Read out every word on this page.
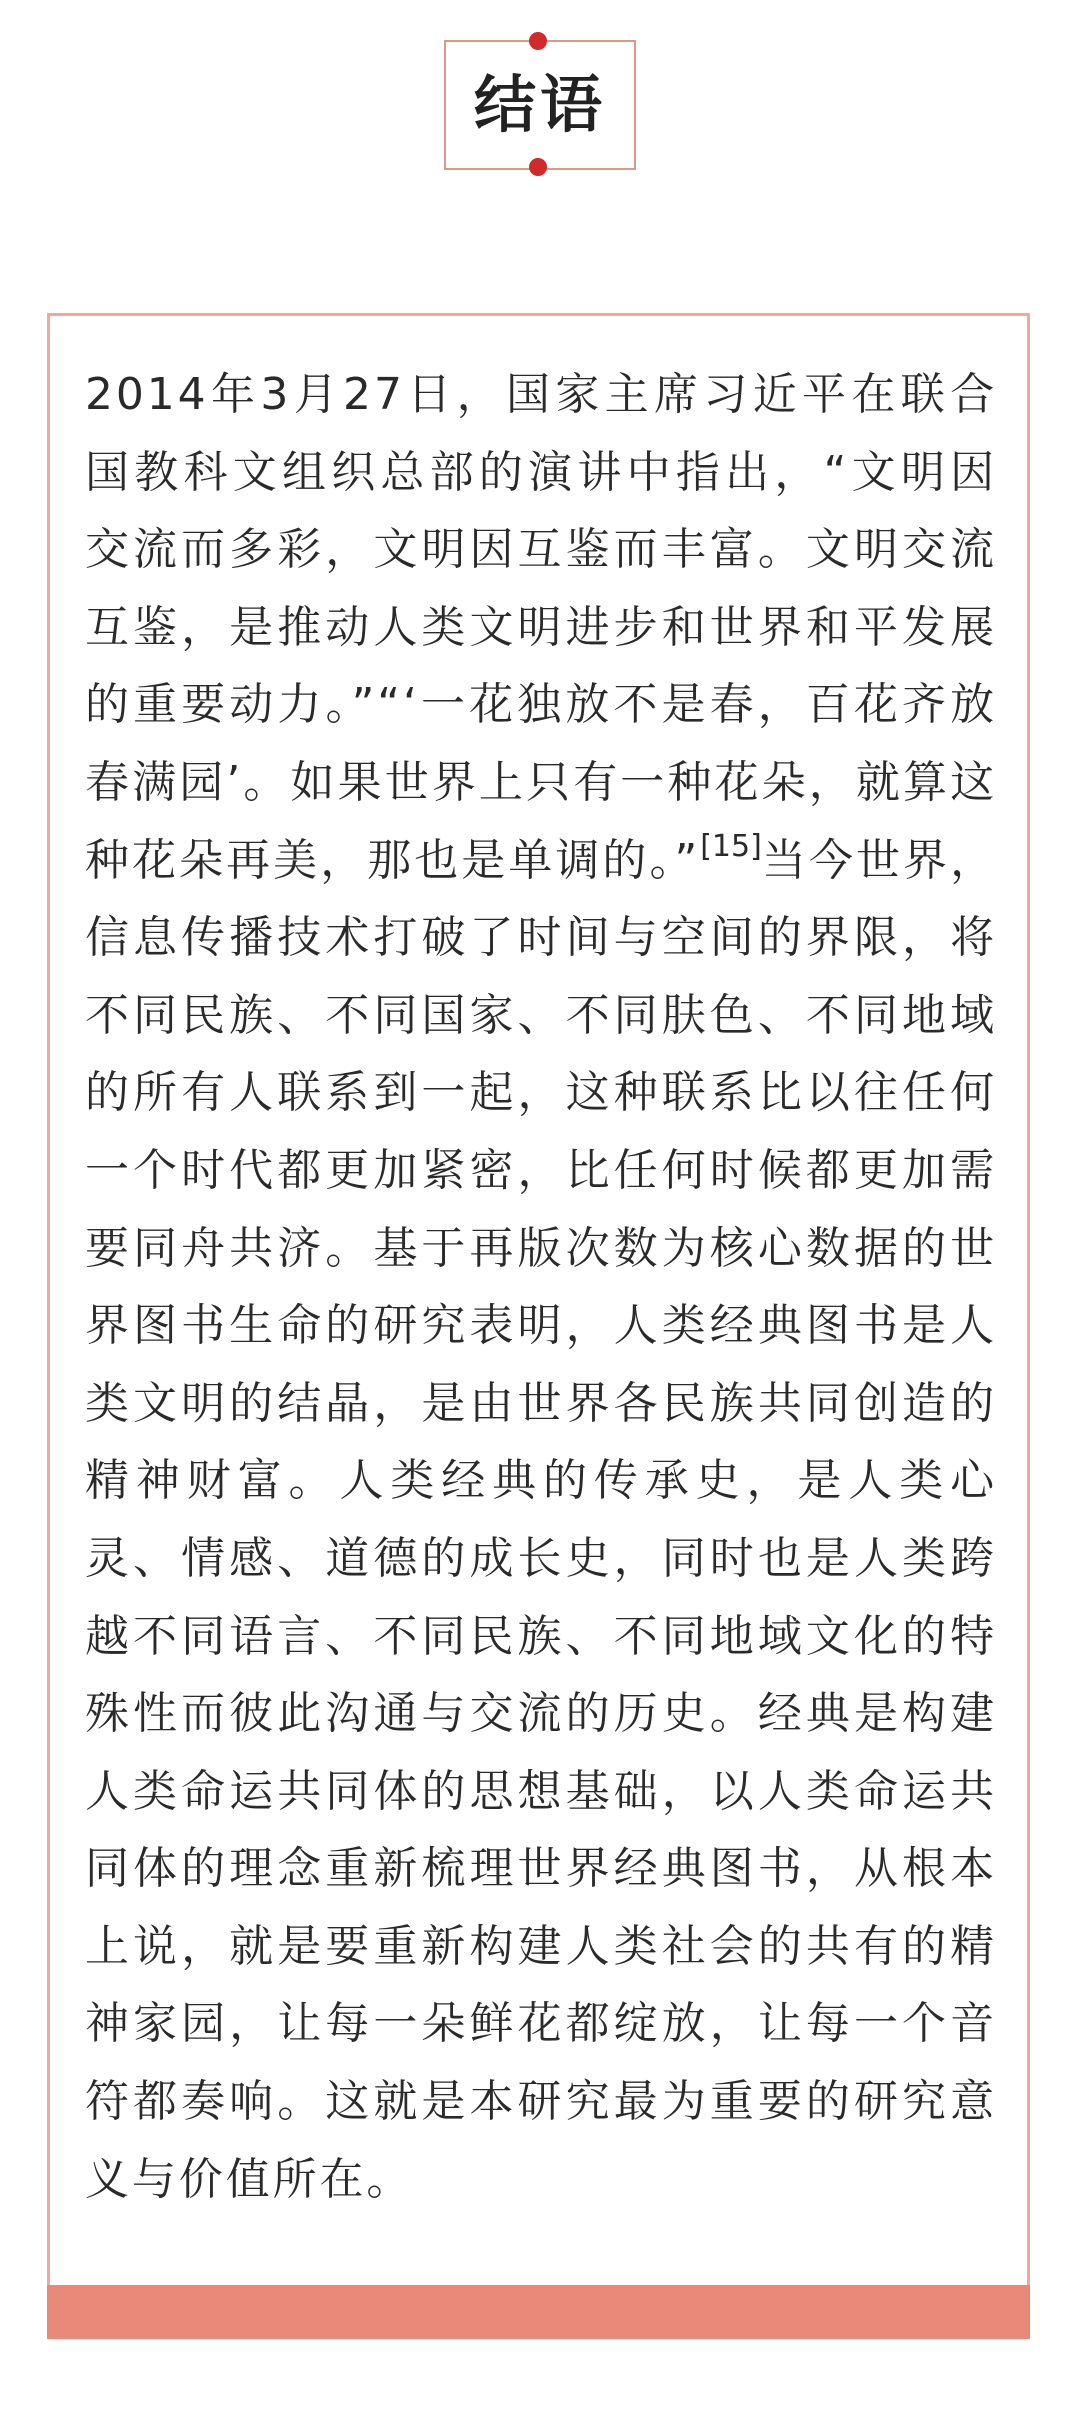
结语

2014年3月27日，国家主席习近平在联合国教科文组织总部的演讲中指出，“文明因交流而多彩，文明因互鉴而丰富。文明交流互鉴，是推动人类文明进步和世界和平发展的重要动力。”“‘一花独放不是春，百花齐放春满园’。如果世界上只有一种花朵，就算这种花朵再美，那也是单调的。”[15]当今世界，信息传播技术打破了时间与空间的界限，将不同民族、不同国家、不同肤色、不同地域的所有人联系到一起，这种联系比以往任何一个时代都更加紧密，比任何时候都更加需要同舟共济。基于再版次数为核心数据的世界图书生命的研究表明，人类经典图书是人类文明的结晶，是由世界各民族共同创造的精神财富。人类经典的传承史，是人类心灵、情感、道德的成长史，同时也是人类跨越不同语言、不同民族、不同地域文化的特殊性而彼此沟通与交流的历史。经典是构建人类命运共同体的思想基础，以人类命运共同体的理念重新梳理世界经典图书，从根本上说，就是要重新构建人类社会的共有的精神家园，让每一朵鲜花都绽放，让每一个音符都奏响。这就是本研究最为重要的研究意义与价值所在。
